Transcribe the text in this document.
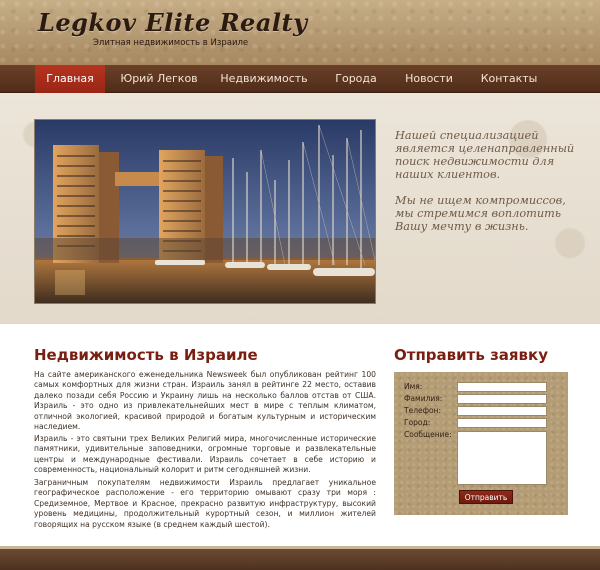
Legkov Elite Realty
Элитная недвижимость в Израиле
Главная	Юрий Легков	Недвижимость	Города	Новости	Контакты

Нашей специализацией является целенаправленный поиск недвижимости для наших клиентов.

Мы не ищем компромиссов, мы стремимся воплотить Вашу мечту в жизнь.

Недвижимость в Израиле

На сайте американского еженедельника Newsweek был опубликован рейтинг 100 самых комфортных для жизни стран. Израиль занял в рейтинге 22 место, оставив далеко позади себя Россию и Украину лишь на несколько баллов отстав от США. Израиль - это одно из привлекательнейших мест в мире с теплым климатом, отличной экологией, красивой природой и богатым культурным и историческим наследием.

Израиль - это святыни трех Великих Религий мира, многочисленные исторические памятники, удивительные заповедники, огромные торговые и развлекательные центры и международные фестивали. Израиль сочетает в себе историю и современность, национальный колорит и ритм сегодняшней жизни.

Заграничным покупателям недвижимости Израиль предлагает уникальное географическое расположение - его территорию омывают сразу три моря : Средиземное, Мертвое и Красное, прекрасно развитую инфраструктуру, высокий уровень медицины, продолжительный курортный сезон, и миллион жителей говорящих на русском языке (в среднем каждый шестой).

Отправить заявку
Имя:
Фамилия:
Телефон:
Город:
Сообщение:
Отправить
